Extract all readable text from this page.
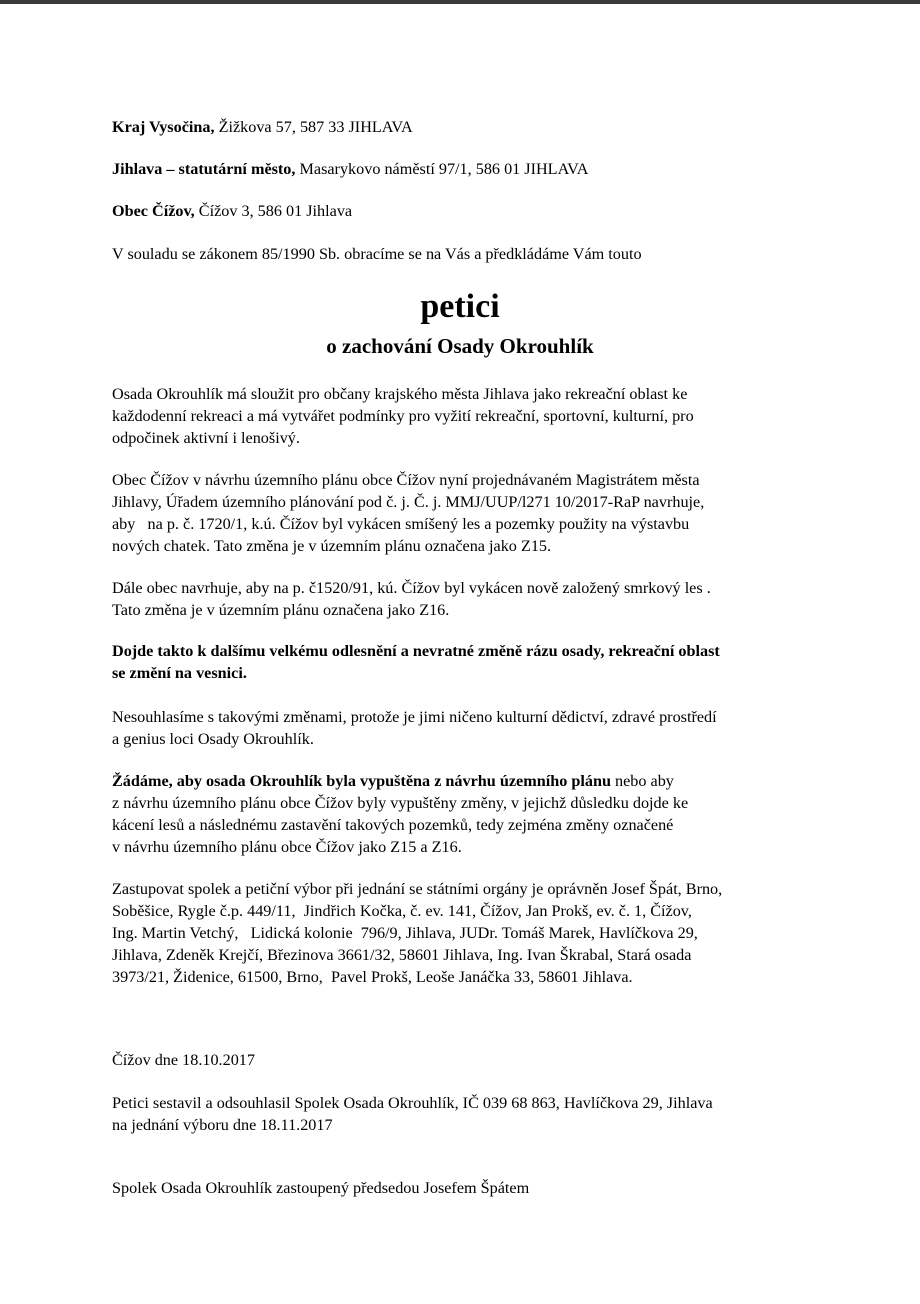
Kraj Vysočina, Žižkova 57, 587 33 JIHLAVA
Jihlava – statutární město, Masarykovo náměstí 97/1, 586 01 JIHLAVA
Obec Čížov, Čížov 3, 586 01 Jihlava
V souladu se zákonem 85/1990 Sb. obracíme se na Vás a předkládáme Vám touto
petici
o zachování Osady Okrouhlík
Osada Okrouhlík má sloužit pro občany krajského města Jihlava jako rekreační oblast ke
každodenní rekreaci a má vytvářet podmínky pro vyžití rekreační, sportovní, kulturní, pro
odpočinek aktivní i lenošivý.
Obec Čížov v návrhu územního plánu obce Čížov nyní projednávaném Magistrátem města
Jihlavy, Úřadem územního plánování pod č. j. Č. j. MMJ/UUP/l271 10/2017-RaP navrhuje,
aby   na p. č. 1720/1, k.ú. Čížov byl vykácen smíšený les a pozemky použity na výstavbu
nových chatek. Tato změna je v územním plánu označena jako Z15.
Dále obec navrhuje, aby na p. č1520/91, kú. Čížov byl vykácen nově založený smrkový les .
Tato změna je v územním plánu označena jako Z16.
Dojde takto k dalšímu velkému odlesnění a nevratné změně rázu osady, rekreační oblast
se změní na vesnici.
Nesouhlasíme s takovými změnami, protože je jimi ničeno kulturní dědictví, zdravé prostředí
a genius loci Osady Okrouhlík.
Žádáme, aby osada Okrouhlík byla vypuštěna z návrhu územního plánu nebo aby
z návrhu územního plánu obce Čížov byly vypuštěny změny, v jejichž důsledku dojde ke
kácení lesů a následnému zastavění takových pozemků, tedy zejména změny označené
v návrhu územního plánu obce Čížov jako Z15 a Z16.
Zastupovat spolek a petiční výbor při jednání se státními orgány je oprávněn Josef Špát, Brno,
Soběšice, Rygle č.p. 449/11,  Jindřich Kočka, č. ev. 141, Čížov, Jan Prokš, ev. č. 1, Čížov,
Ing. Martin Vetchý,   Lidická kolonie  796/9, Jihlava, JUDr. Tomáš Marek, Havlíčkova 29,
Jihlava, Zdeněk Krejčí, Březinova 3661/32, 58601 Jihlava, Ing. Ivan Škrabal, Stará osada
3973/21, Židenice, 61500, Brno,  Pavel Prokš, Leoše Janáčka 33, 58601 Jihlava.
Čížov dne 18.10.2017
Petici sestavil a odsouhlasil Spolek Osada Okrouhlík, IČ 039 68 863, Havlíčkova 29, Jihlava
na jednání výboru dne 18.11.2017
Spolek Osada Okrouhlík zastoupený předsedou Josefem Špátem
